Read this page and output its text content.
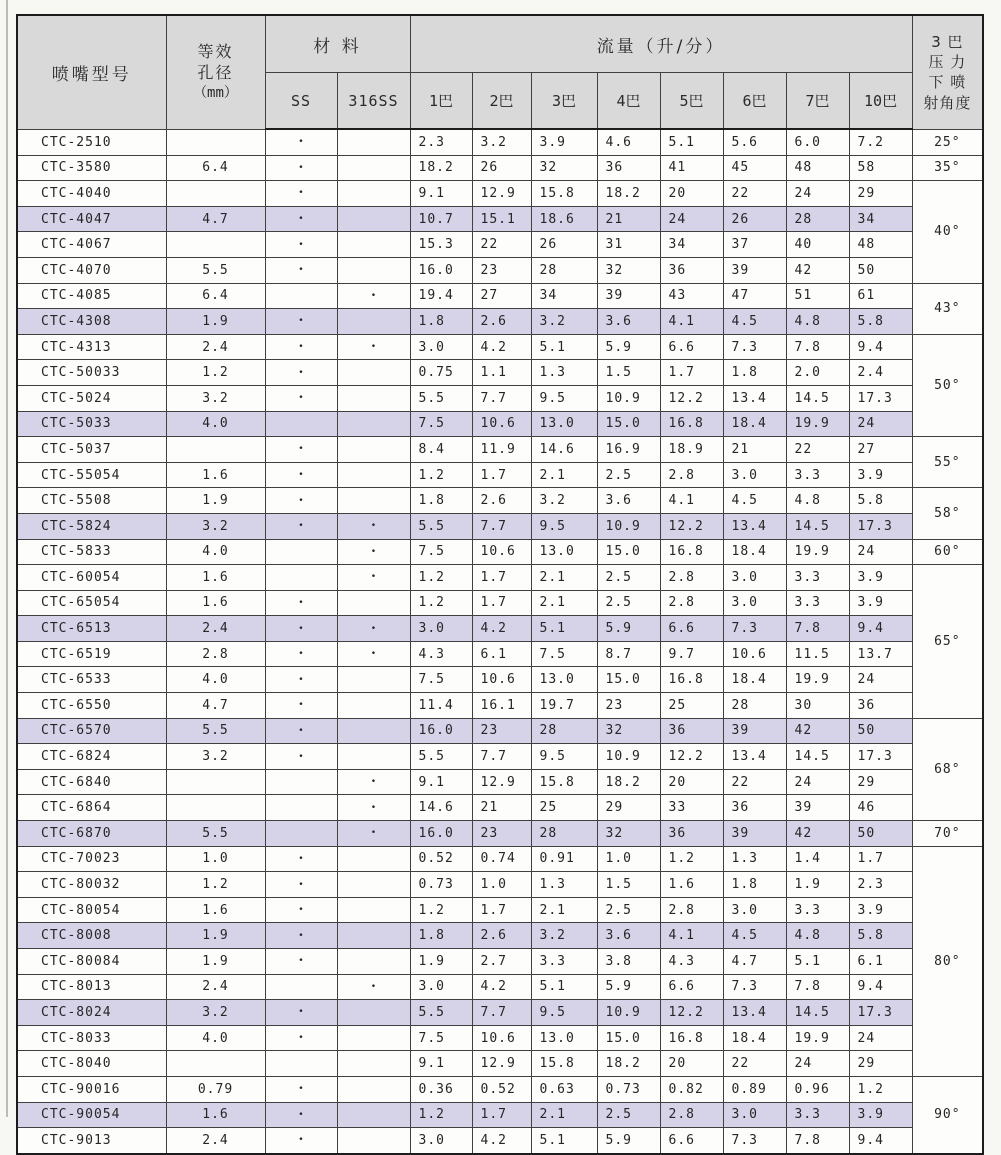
喷嘴型号	
等效
孔径
（mm）
	材 料	流量（升/分）	3 巴
压 力
下 喷
射角度

		SS	316SS	1巴	2巴	3巴	4巴	5巴	6巴	7巴	10巴	
CTC-2510		•		2.3	3.2	3.9	4.6	5.1	5.6	6.0	7.2	25°
CTC-3580	6.4	•		18.2	26	32	36	41	45	48	58	35°
CTC-4040		•		9.1	12.9	15.8	18.2	20	22	24	29	40°
CTC-4047	4.7	•		10.7	15.1	18.6	21	24	26	28	34	
CTC-4067		•		15.3	22	26	31	34	37	40	48	
CTC-4070	5.5	•		16.0	23	28	32	36	39	42	50	
CTC-4085	6.4		•	19.4	27	34	39	43	47	51	61	43°
CTC-4308	1.9	•		1.8	2.6	3.2	3.6	4.1	4.5	4.8	5.8	
CTC-4313	2.4	•	•	3.0	4.2	5.1	5.9	6.6	7.3	7.8	9.4	50°
CTC-50033	1.2	•		0.75	1.1	1.3	1.5	1.7	1.8	2.0	2.4	
CTC-5024	3.2	•		5.5	7.7	9.5	10.9	12.2	13.4	14.5	17.3	
CTC-5033	4.0			7.5	10.6	13.0	15.0	16.8	18.4	19.9	24	
CTC-5037		•		8.4	11.9	14.6	16.9	18.9	21	22	27	55°
CTC-55054	1.6	•		1.2	1.7	2.1	2.5	2.8	3.0	3.3	3.9	
CTC-5508	1.9	•		1.8	2.6	3.2	3.6	4.1	4.5	4.8	5.8	58°
CTC-5824	3.2	•	•	5.5	7.7	9.5	10.9	12.2	13.4	14.5	17.3	
CTC-5833	4.0		•	7.5	10.6	13.0	15.0	16.8	18.4	19.9	24	60°
CTC-60054	1.6		•	1.2	1.7	2.1	2.5	2.8	3.0	3.3	3.9	65°
CTC-65054	1.6	•		1.2	1.7	2.1	2.5	2.8	3.0	3.3	3.9	
CTC-6513	2.4	•	•	3.0	4.2	5.1	5.9	6.6	7.3	7.8	9.4	
CTC-6519	2.8	•	•	4.3	6.1	7.5	8.7	9.7	10.6	11.5	13.7	
CTC-6533	4.0	•		7.5	10.6	13.0	15.0	16.8	18.4	19.9	24	
CTC-6550	4.7	•		11.4	16.1	19.7	23	25	28	30	36	
CTC-6570	5.5	•		16.0	23	28	32	36	39	42	50	68°
CTC-6824	3.2	•		5.5	7.7	9.5	10.9	12.2	13.4	14.5	17.3	
CTC-6840			•	9.1	12.9	15.8	18.2	20	22	24	29	
CTC-6864			•	14.6	21	25	29	33	36	39	46	
CTC-6870	5.5		•	16.0	23	28	32	36	39	42	50	70°
CTC-70023	1.0	•		0.52	0.74	0.91	1.0	1.2	1.3	1.4	1.7	80°
CTC-80032	1.2	•		0.73	1.0	1.3	1.5	1.6	1.8	1.9	2.3	
CTC-80054	1.6	•		1.2	1.7	2.1	2.5	2.8	3.0	3.3	3.9	
CTC-8008	1.9	•		1.8	2.6	3.2	3.6	4.1	4.5	4.8	5.8	
CTC-80084	1.9	•		1.9	2.7	3.3	3.8	4.3	4.7	5.1	6.1	
CTC-8013	2.4		•	3.0	4.2	5.1	5.9	6.6	7.3	7.8	9.4	
CTC-8024	3.2	•		5.5	7.7	9.5	10.9	12.2	13.4	14.5	17.3	
CTC-8033	4.0	•		7.5	10.6	13.0	15.0	16.8	18.4	19.9	24	
CTC-8040				9.1	12.9	15.8	18.2	20	22	24	29	
CTC-90016	0.79	•		0.36	0.52	0.63	0.73	0.82	0.89	0.96	1.2	90°
CTC-90054	1.6	•		1.2	1.7	2.1	2.5	2.8	3.0	3.3	3.9	
CTC-9013	2.4	•		3.0	4.2	5.1	5.9	6.6	7.3	7.8	9.4	
